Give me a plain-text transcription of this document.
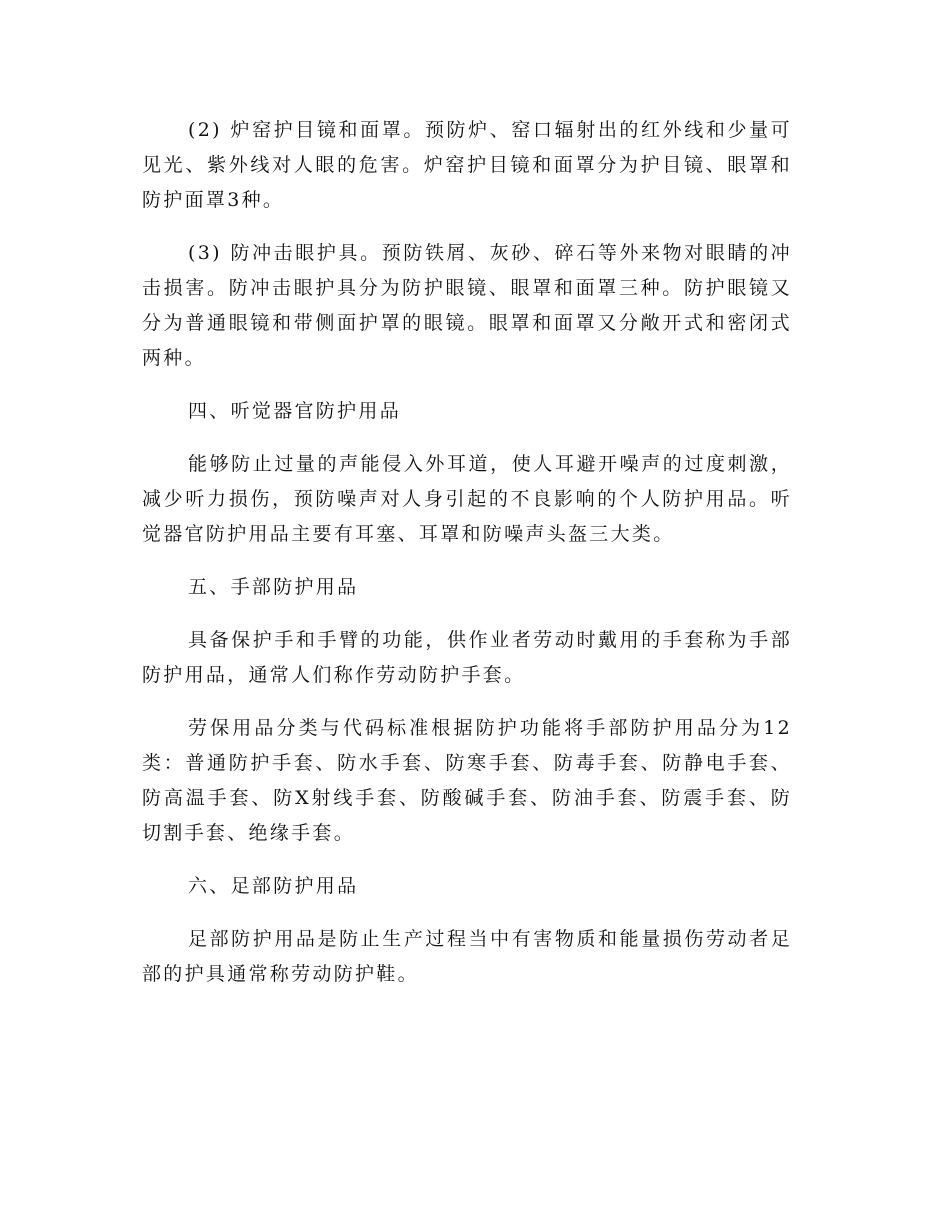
(2) 炉窑护目镜和面罩。预防炉、窑口辐射出的红外线和少量可见光、紫外线对人眼的危害。炉窑护目镜和面罩分为护目镜、眼罩和防护面罩3种。

(3) 防冲击眼护具。预防铁屑、灰砂、碎石等外来物对眼睛的冲击损害。防冲击眼护具分为防护眼镜、眼罩和面罩三种。防护眼镜又分为普通眼镜和带侧面护罩的眼镜。眼罩和面罩又分敞开式和密闭式两种。

四、听觉器官防护用品

能够防止过量的声能侵入外耳道，使人耳避开噪声的过度刺激，减少听力损伤，预防噪声对人身引起的不良影响的个人防护用品。听觉器官防护用品主要有耳塞、耳罩和防噪声头盔三大类。

五、手部防护用品

具备保护手和手臂的功能，供作业者劳动时戴用的手套称为手部防护用品，通常人们称作劳动防护手套。

劳保用品分类与代码标准根据防护功能将手部防护用品分为12类：普通防护手套、防水手套、防寒手套、防毒手套、防静电手套、防高温手套、防X射线手套、防酸碱手套、防油手套、防震手套、防切割手套、绝缘手套。

六、足部防护用品

足部防护用品是防止生产过程当中有害物质和能量损伤劳动者足部的护具通常称劳动防护鞋。
